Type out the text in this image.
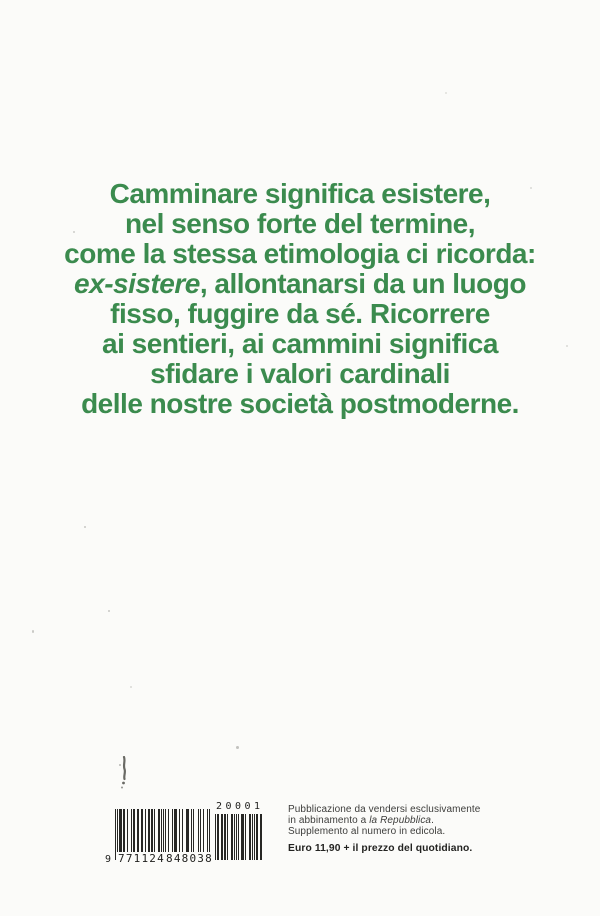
Camminare significa esistere,
nel senso forte del termine,
come la stessa etimologia ci ricorda:
ex-sistere, allontanarsi da un luogo
fisso, fuggire da sé. Ricorrere
ai sentieri, ai cammini significa
sfidare i valori cardinali
delle nostre società postmoderne.
9 771124 848038
20001 Pubblicazione da vendersi esclusivamente
in abbinamento a la Repubblica.
Supplemento al numero in edicola.
Euro 11,90 + il prezzo del quotidiano.
